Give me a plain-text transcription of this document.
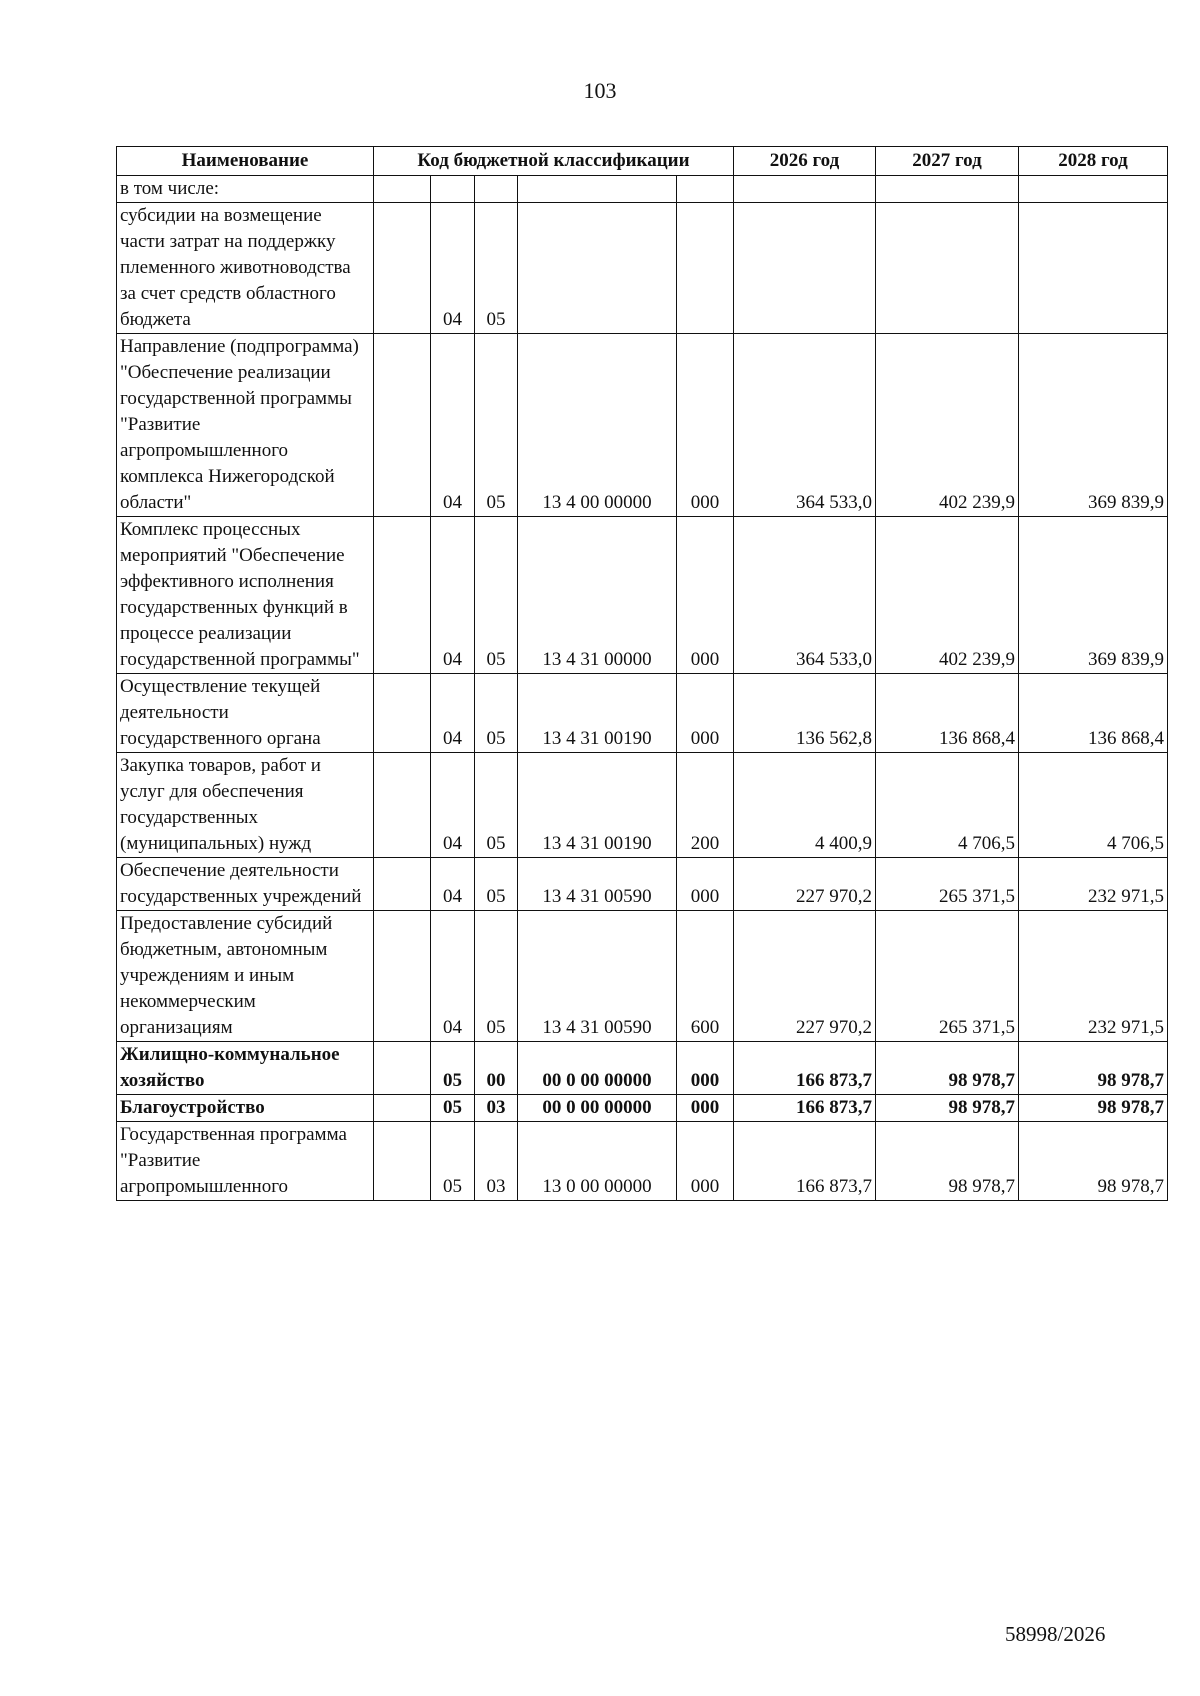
103
Наименование	Код бюджетной классификации					2026 год	2027 год	2028 год
в том числе:								
субсидии на возмещение части затрат на поддержку племенного животноводства за счет средств областного бюджета		04	05					
Направление (подпрограмма) "Обеспечение реализации государственной программы "Развитие агропромышленного комплекса Нижегородской области"		04	05	13 4 00 00000	000	364 533,0	402 239,9	369 839,9
Комплекс процессных мероприятий "Обеспечение эффективного исполнения государственных функций в процессе реализации государственной программы"		04	05	13 4 31 00000	000	364 533,0	402 239,9	369 839,9
Осуществление текущей деятельности государственного органа		04	05	13 4 31 00190	000	136 562,8	136 868,4	136 868,4
Закупка товаров, работ и услуг для обеспечения государственных (муниципальных) нужд		04	05	13 4 31 00190	200	4 400,9	4 706,5	4 706,5
Обеспечение деятельности государственных учреждений		04	05	13 4 31 00590	000	227 970,2	265 371,5	232 971,5
Предоставление субсидий бюджетным, автономным учреждениям и иным некоммерческим организациям		04	05	13 4 31 00590	600	227 970,2	265 371,5	232 971,5
Жилищно-коммунальное хозяйство		05	00	00 0 00 00000	000	166 873,7	98 978,7	98 978,7
Благоустройство		05	03	00 0 00 00000	000	166 873,7	98 978,7	98 978,7
Государственная программа "Развитие агропромышленного		05	03	13 0 00 00000	000	166 873,7	98 978,7	98 978,7
58998/2026
